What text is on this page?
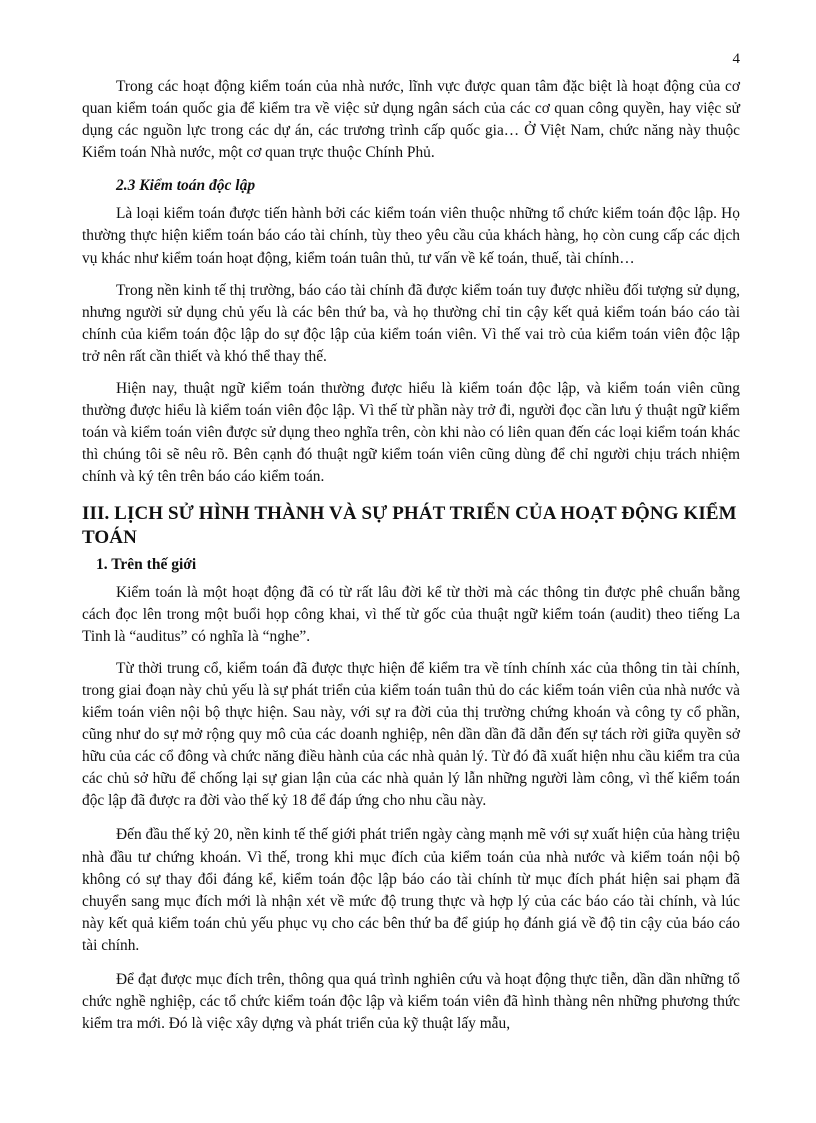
4

Trong các hoạt động kiểm toán của nhà nước, lĩnh vực được quan tâm đặc biệt là hoạt động của cơ quan kiểm toán quốc gia để kiểm tra về việc sử dụng ngân sách của các cơ quan công quyền, hay việc sử dụng các nguồn lực trong các dự án, các trương trình cấp quốc gia… Ở Việt Nam, chức năng này thuộc Kiểm toán Nhà nước, một cơ quan trực thuộc Chính Phủ.

2.3 Kiểm toán độc lập

Là loại kiểm toán được tiến hành bởi các kiểm toán viên thuộc những tổ chức kiểm toán độc lập. Họ thường thực hiện kiểm toán báo cáo tài chính, tùy theo yêu cầu của khách hàng, họ còn cung cấp các dịch vụ khác như kiểm toán hoạt động, kiểm toán tuân thủ, tư vấn về kế toán, thuế, tài chính…

Trong nền kinh tế thị trường, báo cáo tài chính đã được kiểm toán tuy được nhiều đối tượng sử dụng, nhưng người sử dụng chủ yếu là các bên thứ ba, và họ thường chỉ tin cậy kết quả kiểm toán báo cáo tài chính của kiểm toán độc lập do sự độc lập của kiểm toán viên. Vì thế vai trò của kiểm toán viên độc lập trở nên rất cần thiết và khó thể thay thế.

Hiện nay, thuật ngữ kiểm toán thường được hiểu là kiểm toán độc lập, và kiểm toán viên cũng thường được hiểu là kiểm toán viên độc lập. Vì thế từ phần này trở đi, người đọc cần lưu ý thuật ngữ kiểm toán và kiểm toán viên được sử dụng theo nghĩa trên, còn khi nào có liên quan đến các loại kiểm toán khác thì chúng tôi sẽ nêu rõ. Bên cạnh đó thuật ngữ kiểm toán viên cũng dùng để chỉ người chịu trách nhiệm chính và ký tên trên báo cáo kiểm toán.

III. LỊCH SỬ HÌNH THÀNH VÀ SỰ PHÁT TRIỂN CỦA HOẠT ĐỘNG KIỂM TOÁN

1. Trên thế giới

Kiểm toán là một hoạt động đã có từ rất lâu đời kể từ thời mà các thông tin được phê chuẩn bằng cách đọc lên trong một buổi họp công khai, vì thế từ gốc của thuật ngữ kiểm toán (audit) theo tiếng La Tinh là “auditus” có nghĩa là “nghe”.

Từ thời trung cổ, kiểm toán đã được thực hiện để kiểm tra về tính chính xác của thông tin tài chính, trong giai đoạn này chủ yếu là sự phát triển của kiểm toán tuân thủ do các kiểm toán viên của nhà nước và kiểm toán viên nội bộ thực hiện. Sau này, với sự ra đời của thị trường chứng khoán và công ty cổ phần, cũng như do sự mở rộng quy mô của các doanh nghiệp, nên dần dần đã dẫn đến sự tách rời giữa quyền sở hữu của các cổ đông và chức năng điều hành của các nhà quản lý. Từ đó đã xuất hiện nhu cầu kiểm tra của các chủ sở hữu để chống lại sự gian lận của các nhà quản lý lẫn những người làm công, vì thế kiểm toán độc lập đã được ra đời vào thế kỷ 18 để đáp ứng cho nhu cầu này.

Đến đầu thế kỷ 20, nền kinh tế thế giới phát triển ngày càng mạnh mẽ với sự xuất hiện của hàng triệu nhà đầu tư chứng khoán. Vì thế, trong khi mục đích của kiểm toán của nhà nước và kiểm toán nội bộ không có sự thay đổi đáng kể, kiểm toán độc lập báo cáo tài chính từ mục đích phát hiện sai phạm đã chuyển sang mục đích mới là nhận xét về mức độ trung thực và hợp lý của các báo cáo tài chính, và lúc này kết quả kiểm toán chủ yếu phục vụ cho các bên thứ ba để giúp họ đánh giá về độ tin cậy của báo cáo tài chính.

Để đạt được mục đích trên, thông qua quá trình nghiên cứu và hoạt động thực tiễn, dần dần những tổ chức nghề nghiệp, các tổ chức kiểm toán độc lập và kiểm toán viên đã hình thàng nên những phương thức kiểm tra mới. Đó là việc xây dựng và phát triển của kỹ thuật lấy mẫu,
